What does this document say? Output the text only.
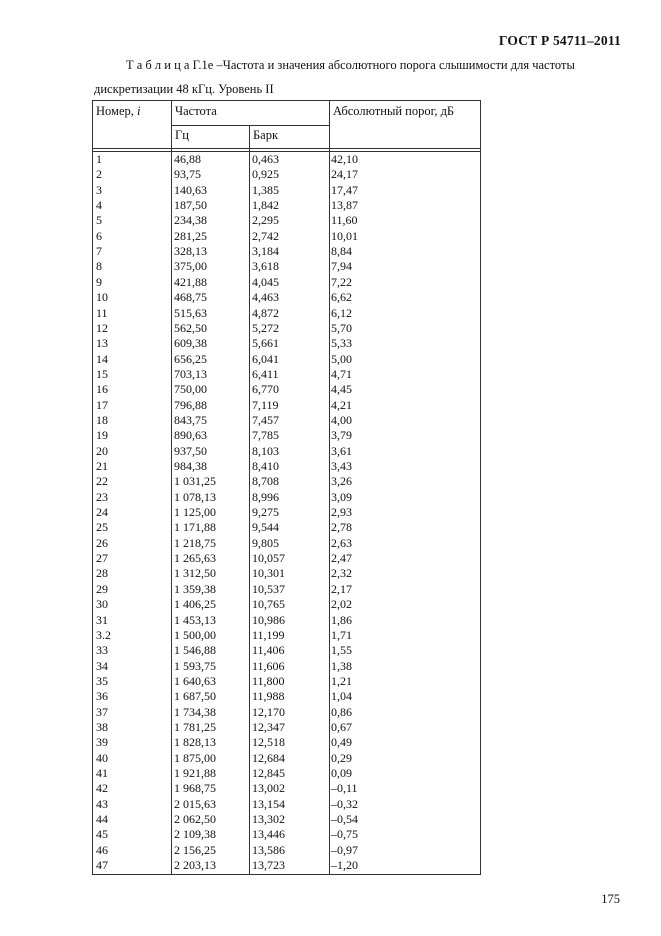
ГОСТ Р 54711–2011
Т а б л и ц а Г.1е –Частота и значения абсолютного порога слышимости для частоты
дискретизации 48 кГц. Уровень II
Номер, i	Частота	Абсолютный порог, дБ
Гц	Барк
1	46,88	0,463	42,10
2	93,75	0,925	24,17
3	140,63	1,385	17,47
4	187,50	1,842	13,87
5	234,38	2,295	11,60
6	281,25	2,742	10,01
7	328,13	3,184	8,84
8	375,00	3,618	7,94
9	421,88	4,045	7,22
10	468,75	4,463	6,62
11	515,63	4,872	6,12
12	562,50	5,272	5,70
13	609,38	5,661	5,33
14	656,25	6,041	5,00
15	703,13	6,411	4,71
16	750,00	6,770	4,45
17	796,88	7,119	4,21
18	843,75	7,457	4,00
19	890,63	7,785	3,79
20	937,50	8,103	3,61
21	984,38	8,410	3,43
22	1 031,25	8,708	3,26
23	1 078,13	8,996	3,09
24	1 125,00	9,275	2,93
25	1 171,88	9,544	2,78
26	1 218,75	9,805	2,63
27	1 265,63	10,057	2,47
28	1 312,50	10,301	2,32
29	1 359,38	10,537	2,17
30	1 406,25	10,765	2,02
31	1 453,13	10,986	1,86
3.2	1 500,00	11,199	1,71
33	1 546,88	11,406	1,55
34	1 593,75	11,606	1,38
35	1 640,63	11,800	1,21
36	1 687,50	11,988	1,04
37	1 734,38	12,170	0,86
38	1 781,25	12,347	0,67
39	1 828,13	12,518	0,49
40	1 875,00	12,684	0,29
41	1 921,88	12,845	0,09
42	1 968,75	13,002	–0,11
43	2 015,63	13,154	–0,32
44	2 062,50	13,302	–0,54
45	2 109,38	13,446	–0,75
46	2 156,25	13,586	–0,97
47	2 203,13	13,723	–1,20
175
